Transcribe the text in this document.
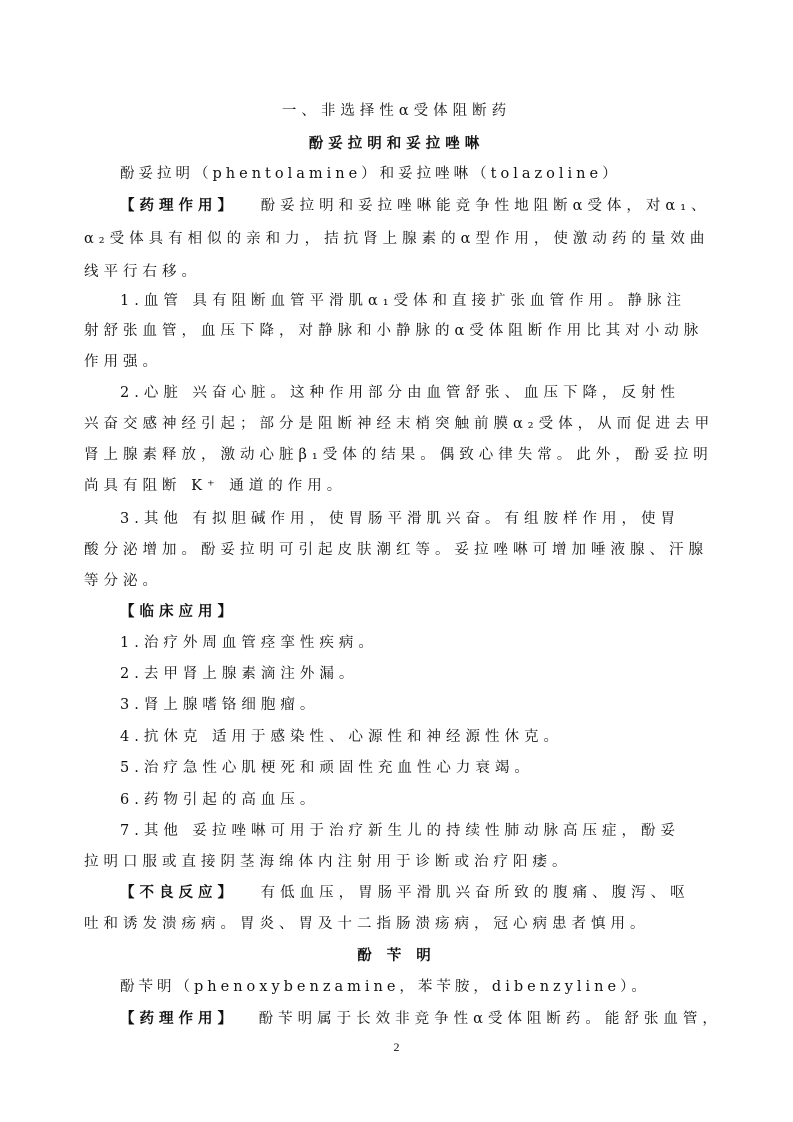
一、非选择性α受体阻断药
酚妥拉明和妥拉唑啉
酚妥拉明（phentolamine）和妥拉唑啉（tolazoline）
【药理作用】 酚妥拉明和妥拉唑啉能竞争性地阻断α受体，对α₁、
α₂受体具有相似的亲和力，拮抗肾上腺素的α型作用，使激动药的量效曲
线平行右移。
1.血管 具有阻断血管平滑肌α₁受体和直接扩张血管作用。静脉注
射舒张血管，血压下降，对静脉和小静脉的α受体阻断作用比其对小动脉
作用强。
2.心脏 兴奋心脏。这种作用部分由血管舒张、血压下降，反射性
兴奋交感神经引起；部分是阻断神经末梢突触前膜α₂受体，从而促进去甲
肾上腺素释放，激动心脏β₁受体的结果。偶致心律失常。此外，酚妥拉明
尚具有阻断 K⁺ 通道的作用。
3.其他 有拟胆碱作用，使胃肠平滑肌兴奋。有组胺样作用，使胃
酸分泌增加。酚妥拉明可引起皮肤潮红等。妥拉唑啉可增加唾液腺、汗腺
等分泌。
【临床应用】
1.治疗外周血管痉挛性疾病。
2.去甲肾上腺素滴注外漏。
3.肾上腺嗜铬细胞瘤。
4.抗休克 适用于感染性、心源性和神经源性休克。
5.治疗急性心肌梗死和顽固性充血性心力衰竭。
6.药物引起的高血压。
7.其他 妥拉唑啉可用于治疗新生儿的持续性肺动脉高压症，酚妥
拉明口服或直接阴茎海绵体内注射用于诊断或治疗阳痿。
【不良反应】 有低血压，胃肠平滑肌兴奋所致的腹痛、腹泻、呕
吐和诱发溃疡病。胃炎、胃及十二指肠溃疡病，冠心病患者慎用。
酚 苄 明
酚苄明（phenoxybenzamine，苯苄胺，dibenzyline）。
【药理作用】 酚苄明属于长效非竞争性α受体阻断药。能舒张血管，
2
